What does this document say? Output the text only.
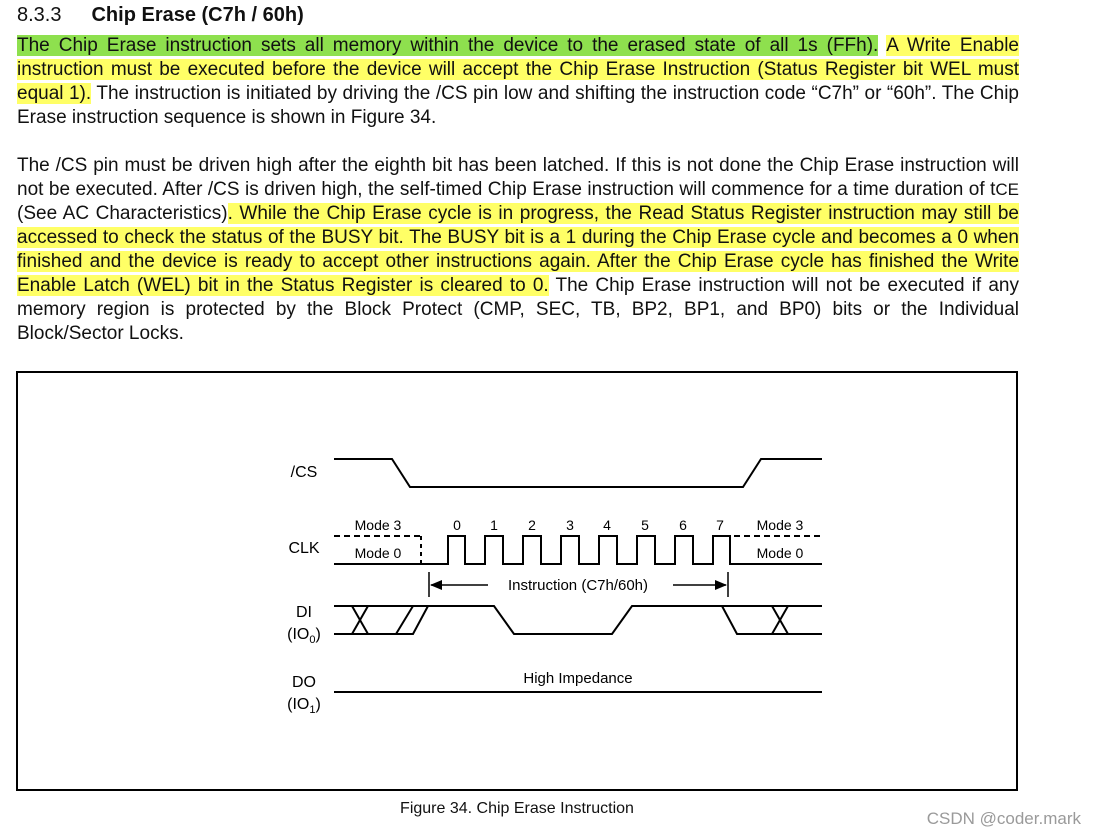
8.3.3 Chip Erase (C7h / 60h)
The Chip Erase instruction sets all memory within the device to the erased state of all 1s (FFh). A Write Enable instruction must be executed before the device will accept the Chip Erase Instruction (Status Register bit WEL must equal 1). The instruction is initiated by driving the /CS pin low and shifting the instruction code “C7h” or “60h”. The Chip Erase instruction sequence is shown in Figure 34.
The /CS pin must be driven high after the eighth bit has been latched. If this is not done the Chip Erase instruction will not be executed. After /CS is driven high, the self-timed Chip Erase instruction will commence for a time duration of tCE (See AC Characteristics). While the Chip Erase cycle is in progress, the Read Status Register instruction may still be accessed to check the status of the BUSY bit. The BUSY bit is a 1 during the Chip Erase cycle and becomes a 0 when finished and the device is ready to accept other instructions again. After the Chip Erase cycle has finished the Write Enable Latch (WEL) bit in the Status Register is cleared to 0. The Chip Erase instruction will not be executed if any memory region is protected by the Block Protect (CMP, SEC, TB, BP2, BP1, and BP0) bits or the Individual Block/Sector Locks.
/CS
CLK
DI
$(IO_0)$
DO
$(IO_1)$
Mode 3
Mode 0
Mode 3
Mode 0
0 1 2 3 4 5 6 7
Instruction (C7h/60h)
High Impedance
Figure 34. Chip Erase Instruction
CSDN @coder.mark
